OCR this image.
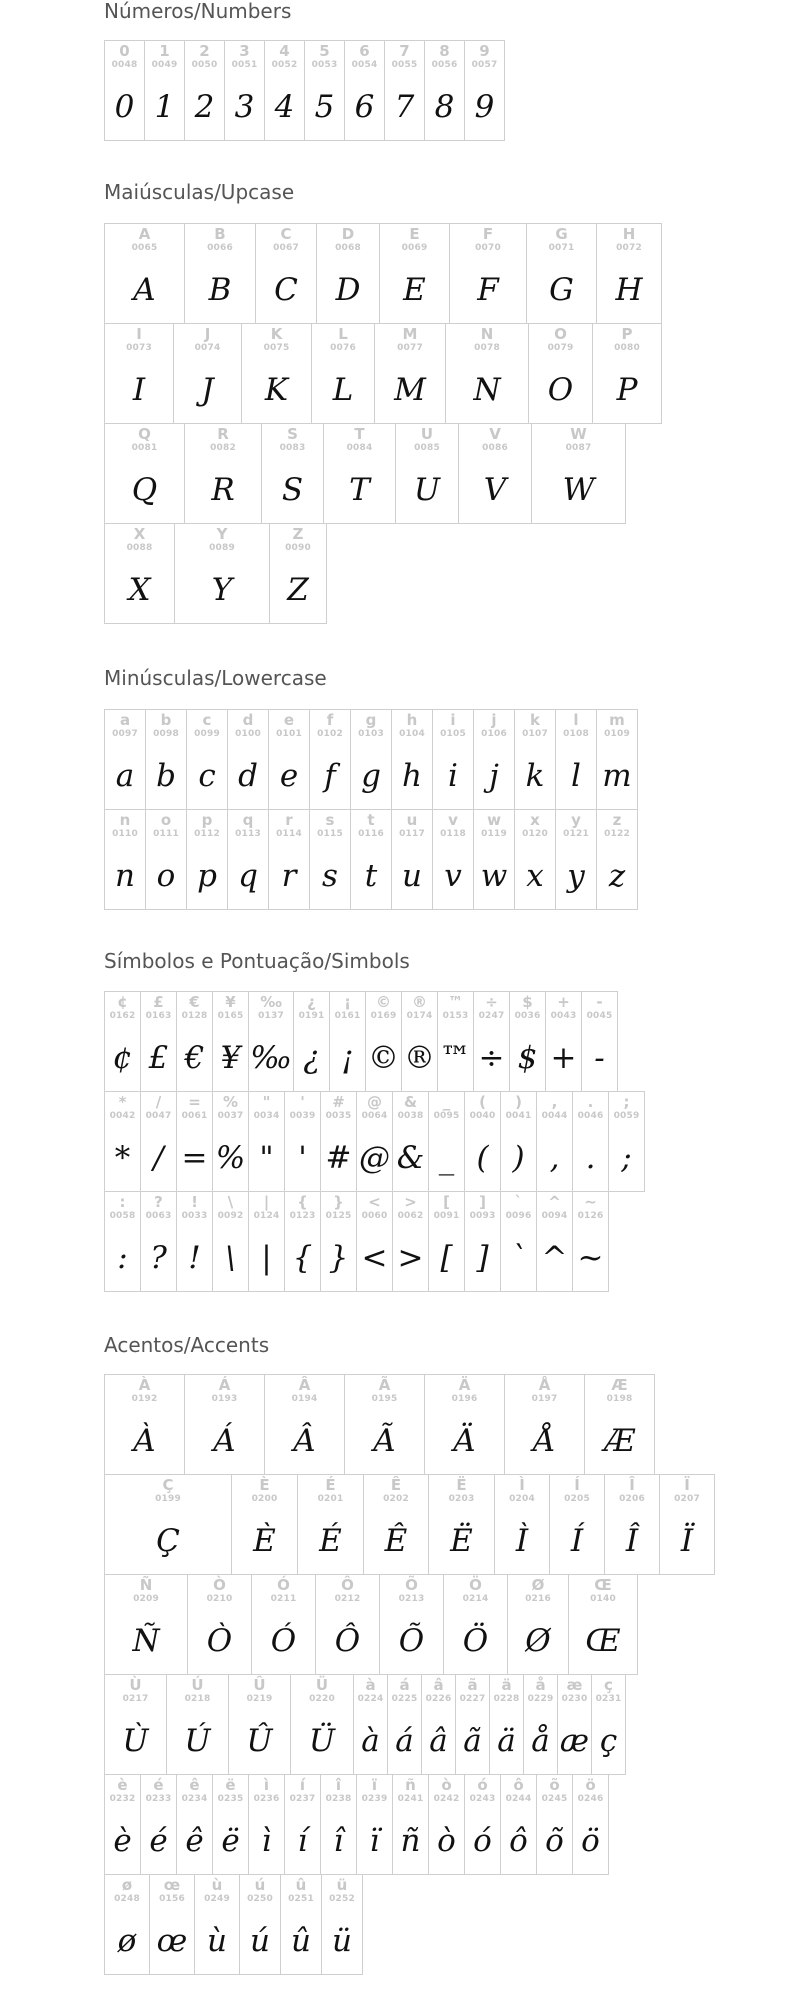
Números/Numbers
0
0048
0
1
0049
1
2
0050
2
3
0051
3
4
0052
4
5
0053
5
6
0054
6
7
0055
7
8
0056
8
9
0057
9
Maiúsculas/Upcase
A
0065
A
B
0066
B
C
0067
C
D
0068
D
E
0069
E
F
0070
F
G
0071
G
H
0072
H
I
0073
I
J
0074
J
K
0075
K
L
0076
L
M
0077
M
N
0078
N
O
0079
O
P
0080
P
Q
0081
Q
R
0082
R
S
0083
S
T
0084
T
U
0085
U
V
0086
V
W
0087
W
X
0088
X
Y
0089
Y
Z
0090
Z
Minúsculas/Lowercase
a
0097
a
b
0098
b
c
0099
c
d
0100
d
e
0101
e
f
0102
f
g
0103
g
h
0104
h
i
0105
i
j
0106
j
k
0107
k
l
0108
l
m
0109
m
n
0110
n
o
0111
o
p
0112
p
q
0113
q
r
0114
r
s
0115
s
t
0116
t
u
0117
u
v
0118
v
w
0119
w
x
0120
x
y
0121
y
z
0122
z
Símbolos e Pontuação/Simbols
¢
0162
¢
£
0163
£
€
0128
€
¥
0165
¥
‰
0137
‰
¿
0191
¿
¡
0161
¡
©
0169
©
®
0174
®
™
0153
™
÷
0247
÷
$
0036
$
+
0043
+
-
0045
-
*
0042
*
/
0047
/
=
0061
=
%
0037
%
"
0034
"
'
0039
'
#
0035
#
@
0064
@
&
0038
&
_
0095
_
(
0040
(
)
0041
)
,
0044
,
.
0046
.
;
0059
;
:
0058
:
?
0063
?
!
0033
!
\
0092
\
|
0124
|
{
0123
{
}
0125
}
<
0060
<
>
0062
>
[
0091
[
]
0093
]
`
0096
`
^
0094
^
~
0126
~
Acentos/Accents
À
0192
À
Á
0193
Á
Â
0194
Â
Ã
0195
Ã
Ä
0196
Ä
Å
0197
Å
Æ
0198
Æ
Ç
0199
Ç
È
0200
È
É
0201
É
Ê
0202
Ê
Ë
0203
Ë
Ì
0204
Ì
Í
0205
Í
Î
0206
Î
Ï
0207
Ï
Ñ
0209
Ñ
Ò
0210
Ò
Ó
0211
Ó
Ô
0212
Ô
Õ
0213
Õ
Ö
0214
Ö
Ø
0216
Ø
Œ
0140
Œ
Ù
0217
Ù
Ú
0218
Ú
Û
0219
Û
Ü
0220
Ü
à
0224
à
á
0225
á
â
0226
â
ã
0227
ã
ä
0228
ä
å
0229
å
æ
0230
æ
ç
0231
ç
è
0232
è
é
0233
é
ê
0234
ê
ë
0235
ë
ì
0236
ì
í
0237
í
î
0238
î
ï
0239
ï
ñ
0241
ñ
ò
0242
ò
ó
0243
ó
ô
0244
ô
õ
0245
õ
ö
0246
ö
ø
0248
ø
œ
0156
œ
ù
0249
ù
ú
0250
ú
û
0251
û
ü
0252
ü
